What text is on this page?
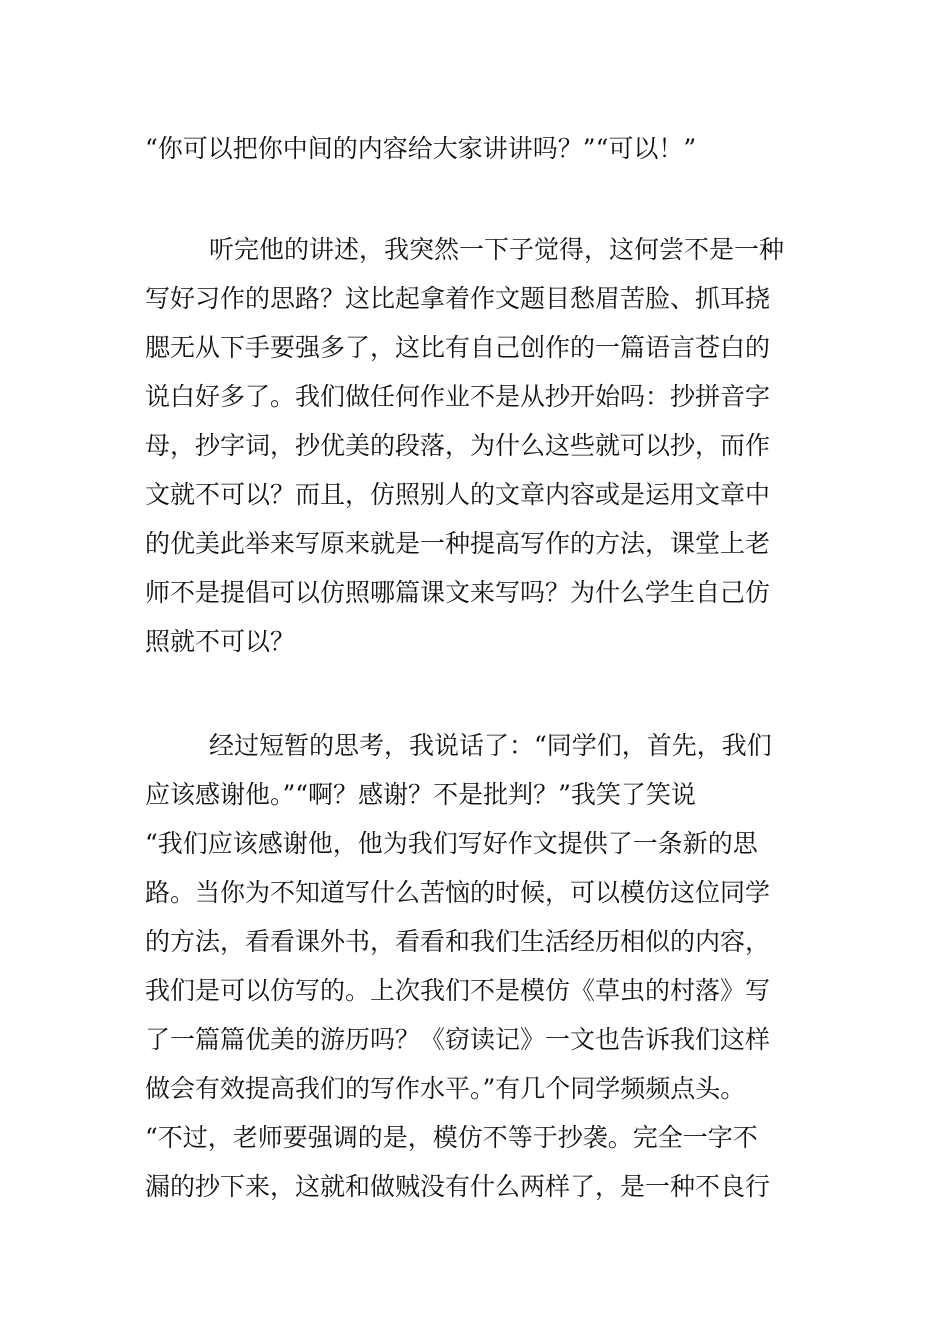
“你可以把你中间的内容给大家讲讲吗？”“可以！”
听完他的讲述，我突然一下子觉得，这何尝不是一种
写好习作的思路？这比起拿着作文题目愁眉苦脸、抓耳挠
腮无从下手要强多了，这比有自己创作的一篇语言苍白的
说白好多了。我们做任何作业不是从抄开始吗：抄拼音字
母，抄字词，抄优美的段落，为什么这些就可以抄，而作
文就不可以？而且，仿照别人的文章内容或是运用文章中
的优美此举来写原来就是一种提高写作的方法，课堂上老
师不是提倡可以仿照哪篇课文来写吗？为什么学生自己仿
照就不可以？
经过短暂的思考，我说话了：“同学们，首先，我们
应该感谢他。”“啊？感谢？不是批判？”我笑了笑说
“我们应该感谢他，他为我们写好作文提供了一条新的思
路。当你为不知道写什么苦恼的时候，可以模仿这位同学
的方法，看看课外书，看看和我们生活经历相似的内容，
我们是可以仿写的。上次我们不是模仿《草虫的村落》写
了一篇篇优美的游历吗？《窃读记》一文也告诉我们这样
做会有效提高我们的写作水平。”有几个同学频频点头。
“不过，老师要强调的是，模仿不等于抄袭。完全一字不
漏的抄下来，这就和做贼没有什么两样了，是一种不良行
